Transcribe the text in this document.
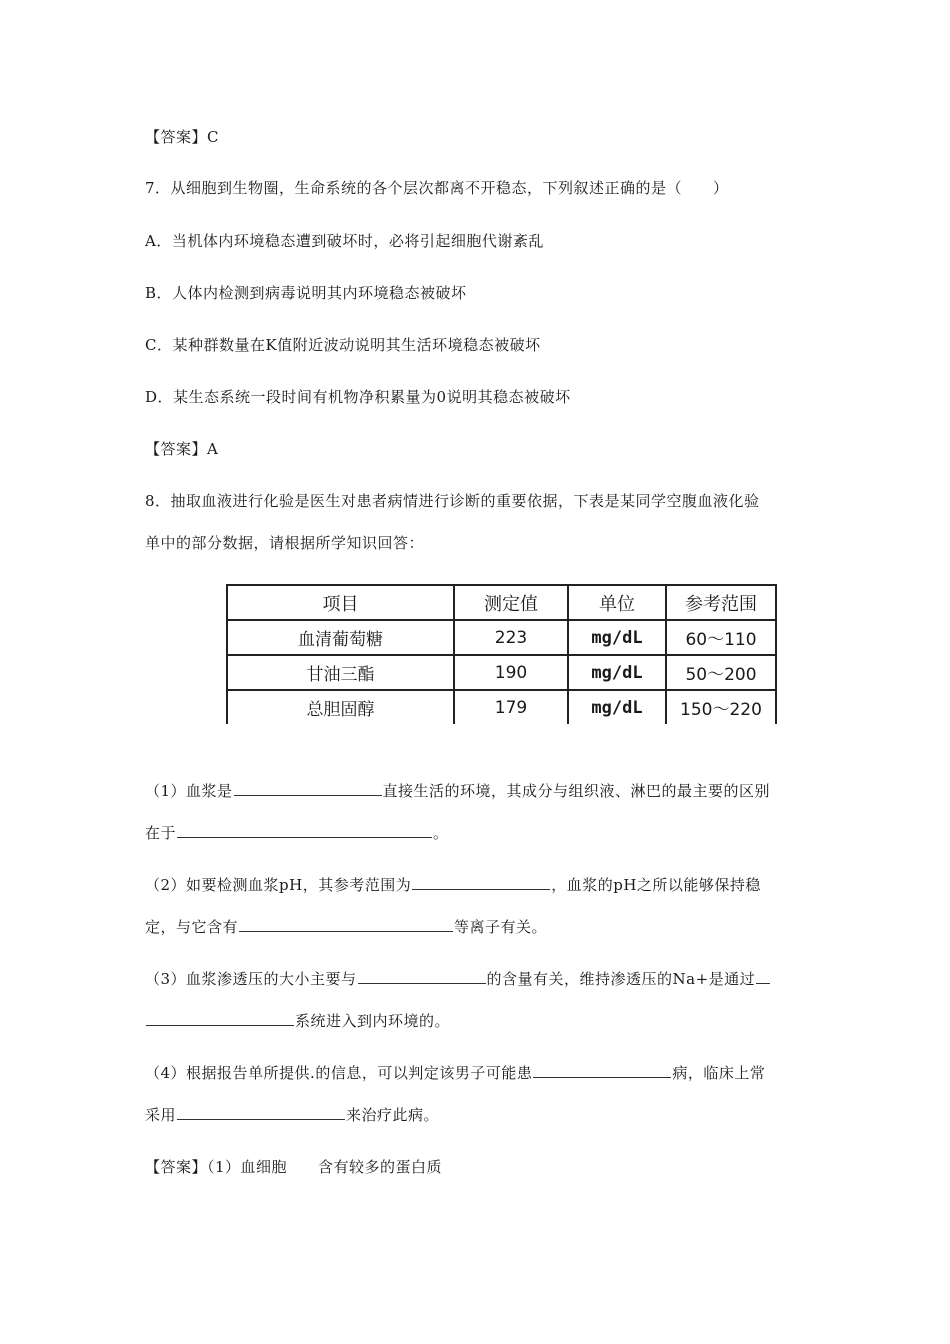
【答案】C
7．从细胞到生物圈，生命系统的各个层次都离不开稳态，下列叙述正确的是（　　）
A．当机体内环境稳态遭到破坏时，必将引起细胞代谢紊乱
B．人体内检测到病毒说明其内环境稳态被破坏
C．某种群数量在K值附近波动说明其生活环境稳态被破坏
D．某生态系统一段时间有机物净积累量为0说明其稳态被破坏
【答案】A
8．抽取血液进行化验是医生对患者病情进行诊断的重要依据，下表是某同学空腹血液化验
单中的部分数据，请根据所学知识回答：
项目	测定值	单位	参考范围
血清葡萄糖	223	mg/dL	60～110
甘油三酯	190	mg/dL	50～200
总胆固醇	179	mg/dL	150～220
（1）血浆是	直接生活的环境，其成分与组织液、淋巴的最主要的区别
在于	。
（2）如要检测血浆pH，其参考范围为	，血浆的pH之所以能够保持稳
定，与它含有	等离子有关。
（3）血浆渗透压的大小主要与	的含量有关，维持渗透压的Na+是通过
系统进入到内环境的。
（4）根据报告单所提供.的信息，可以判定该男子可能患	病，临床上常
采用	来治疗此病。
【答案】（1）血细胞　　含有较多的蛋白质
